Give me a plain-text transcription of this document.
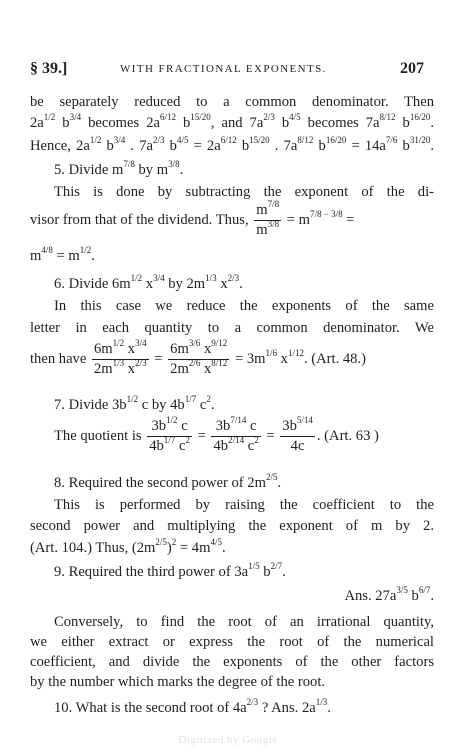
§ 39.]	WITH FRACTIONAL EXPONENTS.	207
be separately reduced to a common denominator. Then
$2a^{1/2}$ $b^{3/4}$ becomes $2a^{6/12}$ $b^{15/20}$, and $7a^{2/3}$ $b^{4/5}$ becomes $7a^{8/12}$ $b^{16/20}$.
Hence, $2a^{1/2}$ $b^{3/4}$ . $7a^{2/3}$ $b^{4/5} = 2a^{6/12}$ $b^{15/20}$ . $7a^{8/12}$ $b^{16/20} = 14a^{7/6}$ $b^{31/20}$.
5. Divide $m^{7/8}$ by $m^{3/8}$.
This is done by subtracting the exponent of the di-
visor from that of the dividend. Thus, $\frac{m^{7/8}}{m^{3/8}} = m^{7/8 - 3/8}$ =
$m^{4/8} = m^{1/2}$.
6. Divide $6m^{1/2}$ $x^{3/4}$ by $2m^{1/3}$ $x^{2/3}$.
In this case we reduce the exponents of the same
letter in each quantity to a common denominator. We
then have $\frac{6m^{1/2} x^{3/4}}{2m^{1/3} x^{2/3}} = \frac{6m^{3/6} x^{9/12}}{2m^{2/6} x^{8/12}} = 3m^{1/6}$ $x^{1/12}$. (Art. 48.)
7. Divide $3b^{1/2}$ c by $4b^{1/7}$ $c^2$.
The quotient is $\frac{3b^{1/2} c}{4b^{1/7} c^2} = \frac{3b^{7/14} c}{4b^{2/14} c^2} = \frac{3b^{5/14}}{4c}$ . (Art. 63 )
8. Required the second power of $2m^{2/5}$.
This is performed by raising the coefficient to the
second power and multiplying the exponent of m by 2.
(Art. 104.) Thus, $(2m^{2/5})^2 = 4m^{4/5}$.
9. Required the third power of $3a^{1/5}$ $b^{2/7}$.
Ans. $27a^{3/5}$ $b^{6/7}$.
Conversely, to find the root of an irrational quantity,
we either extract or express the root of the numerical
coefficient, and divide the exponents of the other factors
by the number which marks the degree of the root.
10. What is the second root of $4a^{2/3}$ ? Ans. $2a^{1/3}$.
Digitized by Google
